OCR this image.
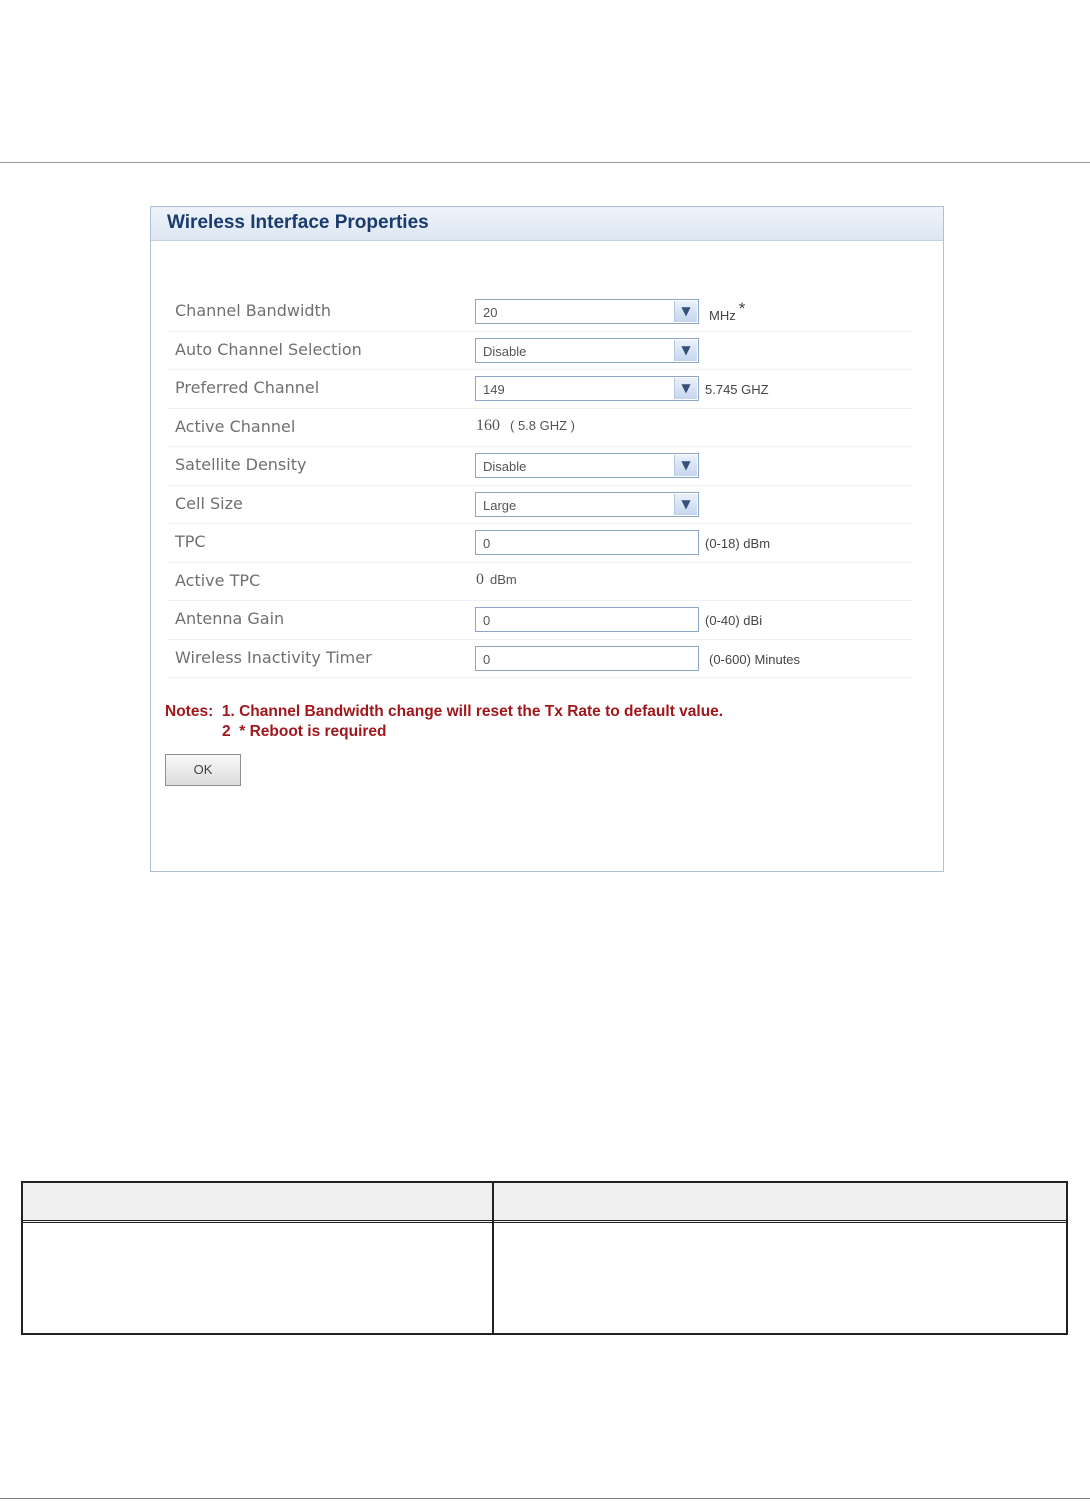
Wireless Interface Properties
Channel Bandwidth	20	▼	MHz *
Auto Channel Selection	Disable	▼
Preferred Channel	149	▼	5.745 GHZ
Active Channel	160 ( 5.8 GHZ )
Satellite Density	Disable	▼
Cell Size	Large	▼
TPC	0	(0-18) dBm
Active TPC	0 dBm
Antenna Gain	0	(0-40) dBi
Wireless Inactivity Timer	0	(0-600) Minutes
Notes:  1. Channel Bandwidth change will reset the Tx Rate to default value.
2  * Reboot is required
OK
